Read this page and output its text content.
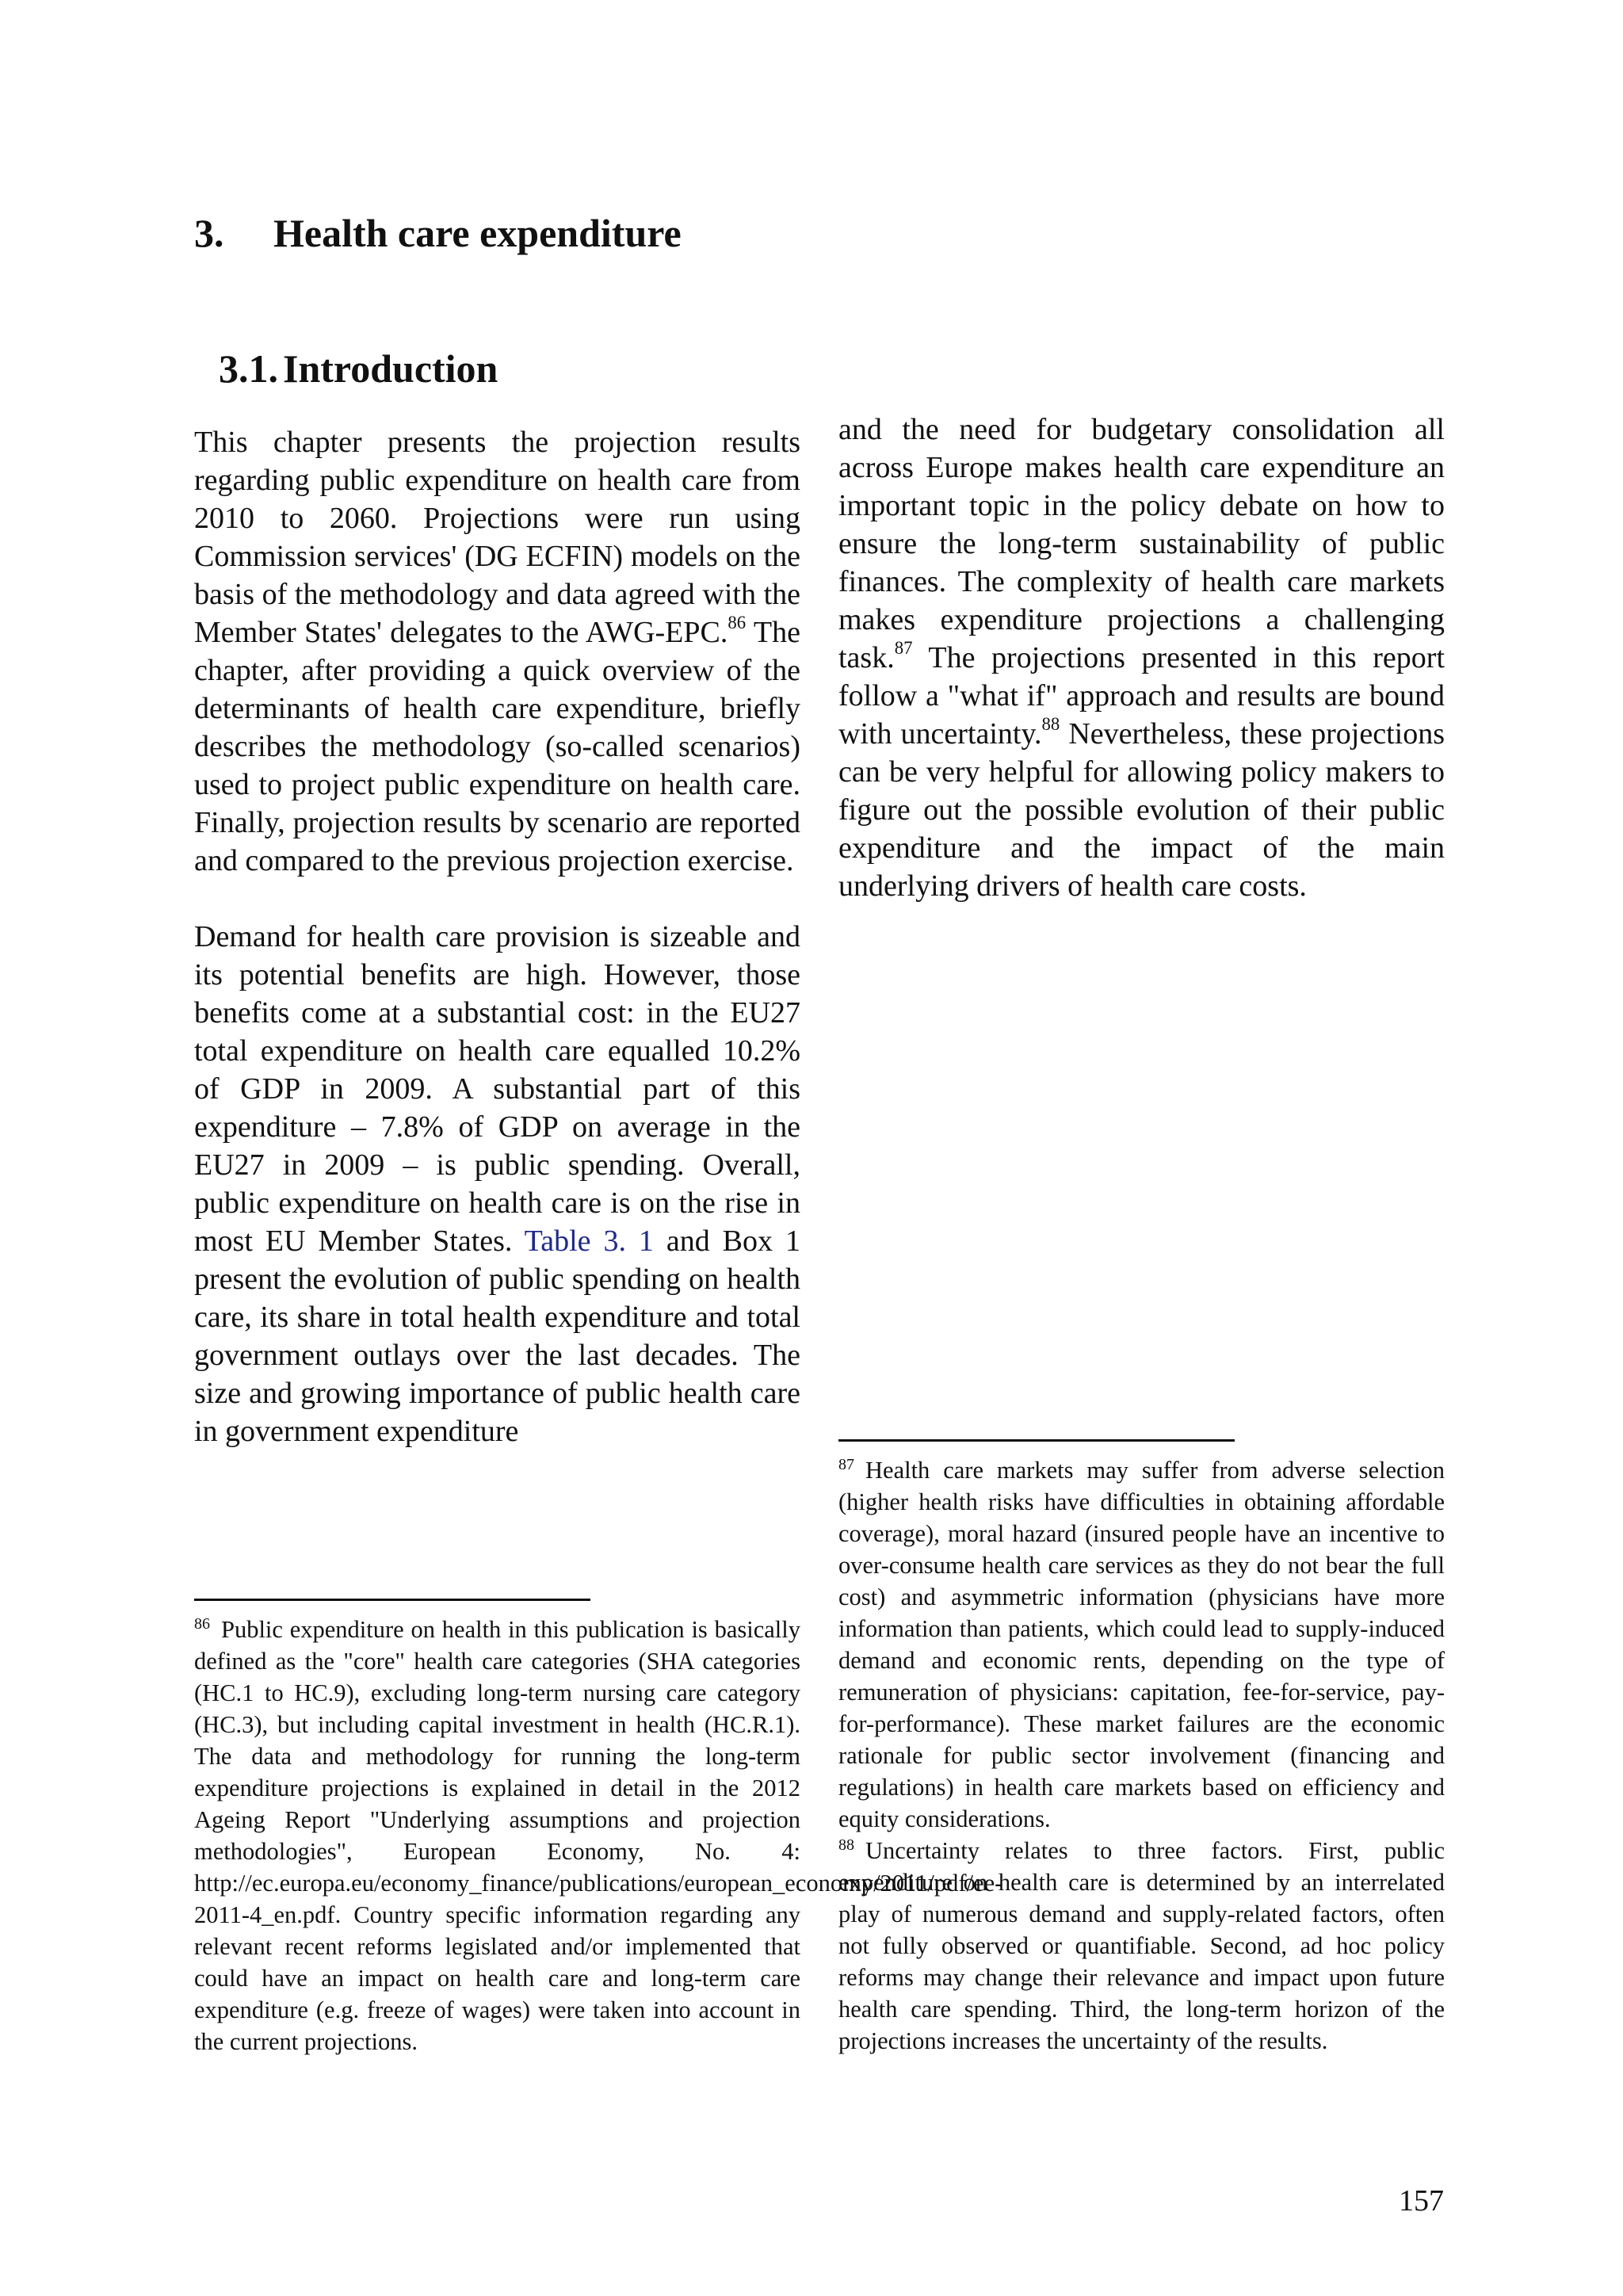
3. Health care expenditure
3.1. Introduction

This chapter presents the projection results regarding public expenditure on health care from 2010 to 2060. Projections were run using Commission services' (DG ECFIN) models on the basis of the methodology and data agreed with the Member States' delegates to the AWG-EPC.$^{86}$ The chapter, after providing a quick overview of the determinants of health care expenditure, briefly describes the methodology (so-called scenarios) used to project public expenditure on health care. Finally, projection results by scenario are reported and compared to the previous projection exercise.

Demand for health care provision is sizeable and its potential benefits are high. However, those benefits come at a substantial cost: in the EU27 total expenditure on health care equalled 10.2% of GDP in 2009. A substantial part of this expenditure – 7.8% of GDP on average in the EU27 in 2009 – is public spending. Overall, public expenditure on health care is on the rise in most EU Member States. Table 3. 1 and Box 1 present the evolution of public spending on health care, its share in total health expenditure and total government outlays over the last decades. The size and growing importance of public health care in government expenditure

and the need for budgetary consolidation all across Europe makes health care expenditure an important topic in the policy debate on how to ensure the long-term sustainability of public finances. The complexity of health care markets makes expenditure projections a challenging task.$^{87}$ The projections presented in this report follow a "what if" approach and results are bound with uncertainty.$^{88}$ Nevertheless, these projections can be very helpful for allowing policy makers to figure out the possible evolution of their public expenditure and the impact of the main underlying drivers of health care costs.

$^{86}$ Public expenditure on health in this publication is basically defined as the "core" health care categories (SHA categories (HC.1 to HC.9), excluding long-term nursing care category (HC.3), but including capital investment in health (HC.R.1). The data and methodology for running the long-term expenditure projections is explained in detail in the 2012 Ageing Report "Underlying assumptions and projection methodologies", European Economy, No. 4: http://ec.europa.eu/economy_finance/publications/european_economy/2011/pdf/ee-2011-4_en.pdf. Country specific information regarding any relevant recent reforms legislated and/or implemented that could have an impact on health care and long-term care expenditure (e.g. freeze of wages) were taken into account in the current projections.

$^{87}$ Health care markets may suffer from adverse selection (higher health risks have difficulties in obtaining affordable coverage), moral hazard (insured people have an incentive to over-consume health care services as they do not bear the full cost) and asymmetric information (physicians have more information than patients, which could lead to supply-induced demand and economic rents, depending on the type of remuneration of physicians: capitation, fee-for-service, pay-for-performance). These market failures are the economic rationale for public sector involvement (financing and regulations) in health care markets based on efficiency and equity considerations.

$^{88}$ Uncertainty relates to three factors. First, public expenditure on health care is determined by an interrelated play of numerous demand and supply-related factors, often not fully observed or quantifiable. Second, ad hoc policy reforms may change their relevance and impact upon future health care spending. Third, the long-term horizon of the projections increases the uncertainty of the results.

157
